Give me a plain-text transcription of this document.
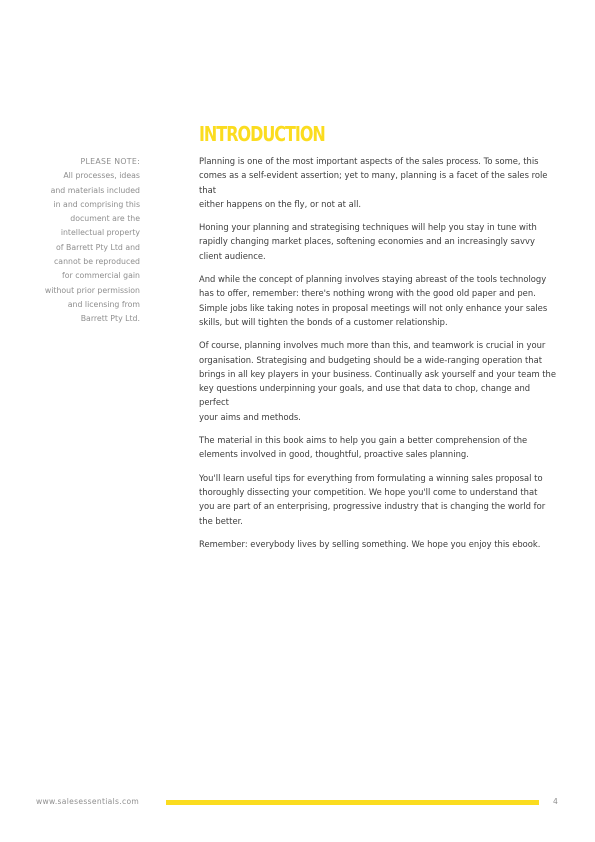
INTRODUCTION
PLEASE NOTE:
All processes, ideas
and materials included
in and comprising this
document are the
intellectual property
of Barrett Pty Ltd and
cannot be reproduced
for commercial gain
without prior permission
and licensing from
Barrett Pty Ltd.
Planning is one of the most important aspects of the sales process. To some, this
comes as a self-evident assertion; yet to many, planning is a facet of the sales role that
either happens on the fly, or not at all.
Honing your planning and strategising techniques will help you stay in tune with
rapidly changing market places, softening economies and an increasingly savvy
client audience.
And while the concept of planning involves staying abreast of the tools technology
has to offer, remember: there's nothing wrong with the good old paper and pen.
Simple jobs like taking notes in proposal meetings will not only enhance your sales
skills, but will tighten the bonds of a customer relationship.
Of course, planning involves much more than this, and teamwork is crucial in your
organisation. Strategising and budgeting should be a wide-ranging operation that
brings in all key players in your business. Continually ask yourself and your team the
key questions underpinning your goals, and use that data to chop, change and perfect
your aims and methods.
The material in this book aims to help you gain a better comprehension of the
elements involved in good, thoughtful, proactive sales planning.
You'll learn useful tips for everything from formulating a winning sales proposal to
thoroughly dissecting your competition. We hope you'll come to understand that
you are part of an enterprising, progressive industry that is changing the world for
the better.
Remember: everybody lives by selling something. We hope you enjoy this ebook.
www.salesessentials.com	4
